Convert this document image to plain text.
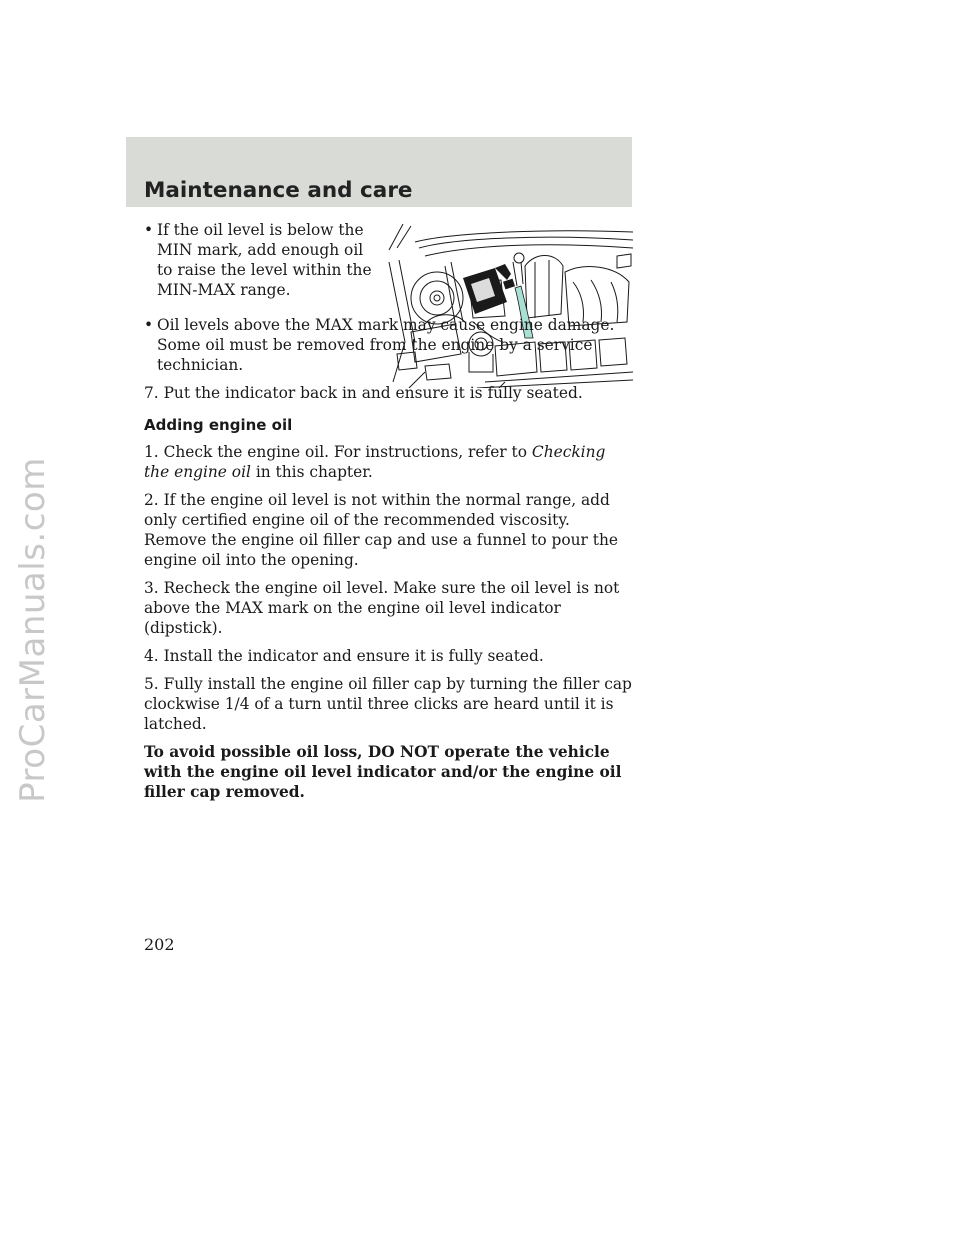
ProCarManuals.com
Maintenance and care
• If the oil level is below the MIN mark, add enough oil to raise the level within the MIN-MAX range.
• Oil levels above the MAX mark may cause engine damage. Some oil must be removed from the engine by a service technician.

7. Put the indicator back in and ensure it is fully seated.

Adding engine oil

1. Check the engine oil. For instructions, refer to Checking the engine oil in this chapter.

2. If the engine oil level is not within the normal range, add only certified engine oil of the recommended viscosity. Remove the engine oil filler cap and use a funnel to pour the engine oil into the opening.

3. Recheck the engine oil level. Make sure the oil level is not above the MAX mark on the engine oil level indicator (dipstick).

4. Install the indicator and ensure it is fully seated.

5. Fully install the engine oil filler cap by turning the filler cap clockwise 1/4 of a turn until three clicks are heard until it is latched.

To avoid possible oil loss, DO NOT operate the vehicle with the engine oil level indicator and/or the engine oil filler cap removed.

202
